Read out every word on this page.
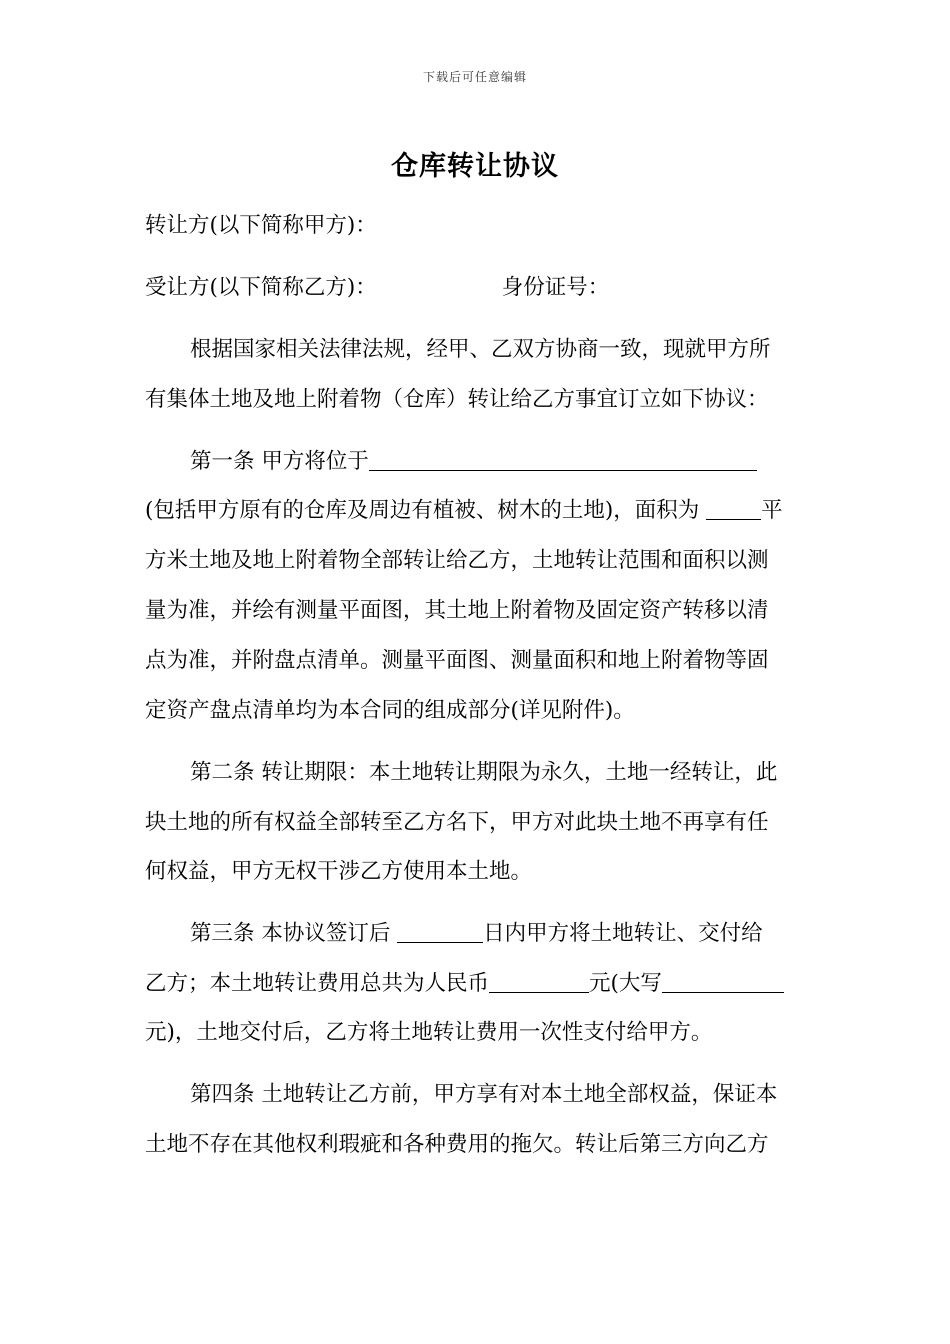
下载后可任意编辑
仓库转让协议
转让方(以下简称甲方)：
受让方(以下简称乙方)：	身份证号：
根据国家相关法律法规，经甲、乙双方协商一致，现就甲方所
有集体土地及地上附着物（仓库）转让给乙方事宜订立如下协议：
第一条 甲方将位于
(包括甲方原有的仓库及周边有植被、树木的土地)，面积为	平
方米土地及地上附着物全部转让给乙方，土地转让范围和面积以测
量为准，并绘有测量平面图，其土地上附着物及固定资产转移以清
点为准，并附盘点清单。测量平面图、测量面积和地上附着物等固
定资产盘点清单均为本合同的组成部分(详见附件)。
第二条 转让期限：本土地转让期限为永久，土地一经转让，此
块土地的所有权益全部转至乙方名下，甲方对此块土地不再享有任
何权益，甲方无权干涉乙方使用本土地。
第三条 本协议签订后	日内甲方将土地转让、交付给
乙方；本土地转让费用总共为人民币	元(大写
元)，土地交付后，乙方将土地转让费用一次性支付给甲方。
第四条 土地转让乙方前，甲方享有对本土地全部权益，保证本
土地不存在其他权利瑕疵和各种费用的拖欠。转让后第三方向乙方
